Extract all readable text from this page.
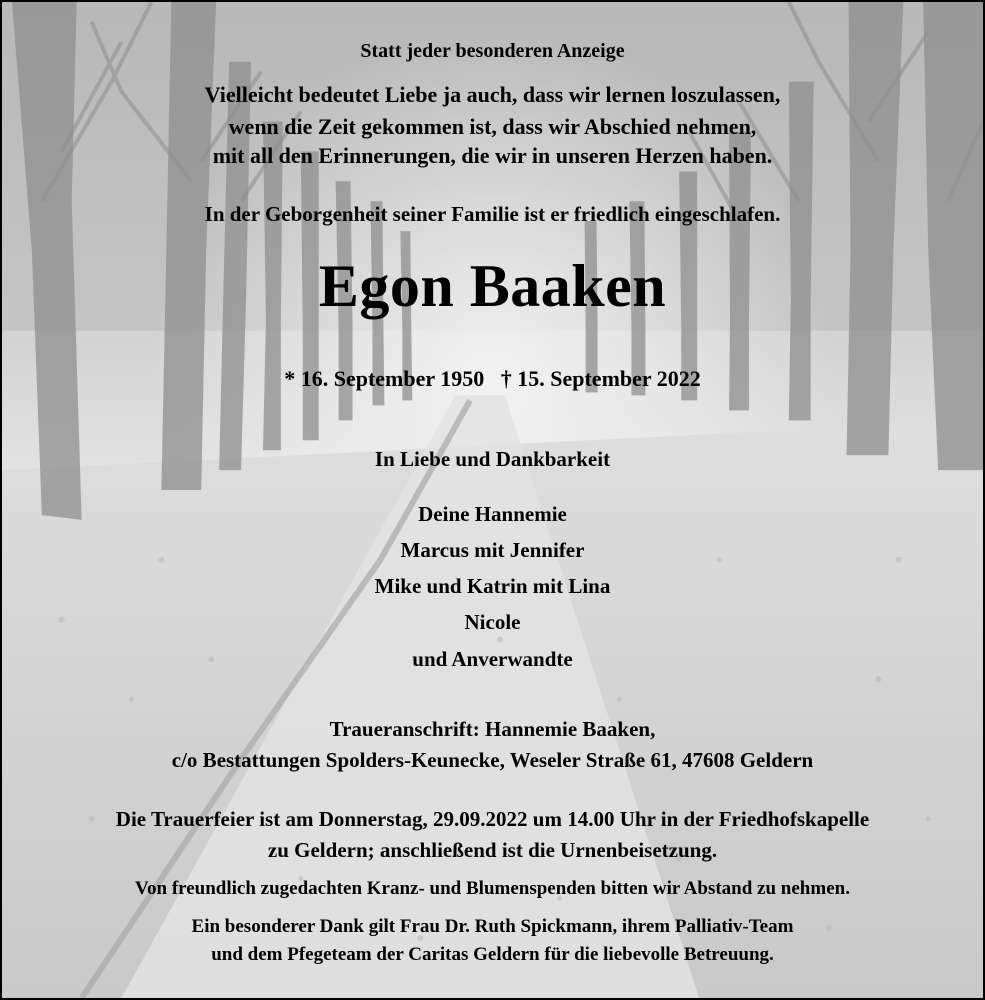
Statt jeder besonderen Anzeige
Vielleicht bedeutet Liebe ja auch, dass wir lernen loszulassen,
wenn die Zeit gekommen ist, dass wir Abschied nehmen,
mit all den Erinnerungen, die wir in unseren Herzen haben.
In der Geborgenheit seiner Familie ist er friedlich eingeschlafen.
Egon Baaken
* 16. September 1950   † 15. September 2022
In Liebe und Dankbarkeit
Deine Hannemie
Marcus mit Jennifer
Mike und Katrin mit Lina
Nicole
und Anverwandte
Traueranschrift: Hannemie Baaken,
c/o Bestattungen Spolders-Keunecke, Weseler Straße 61, 47608 Geldern
Die Trauerfeier ist am Donnerstag, 29.09.2022 um 14.00 Uhr in der Friedhofskapelle
zu Geldern; anschließend ist die Urnenbeisetzung.
Von freundlich zugedachten Kranz- und Blumenspenden bitten wir Abstand zu nehmen.
Ein besonderer Dank gilt Frau Dr. Ruth Spickmann, ihrem Palliativ-Team
und dem Pfegeteam der Caritas Geldern für die liebevolle Betreuung.
